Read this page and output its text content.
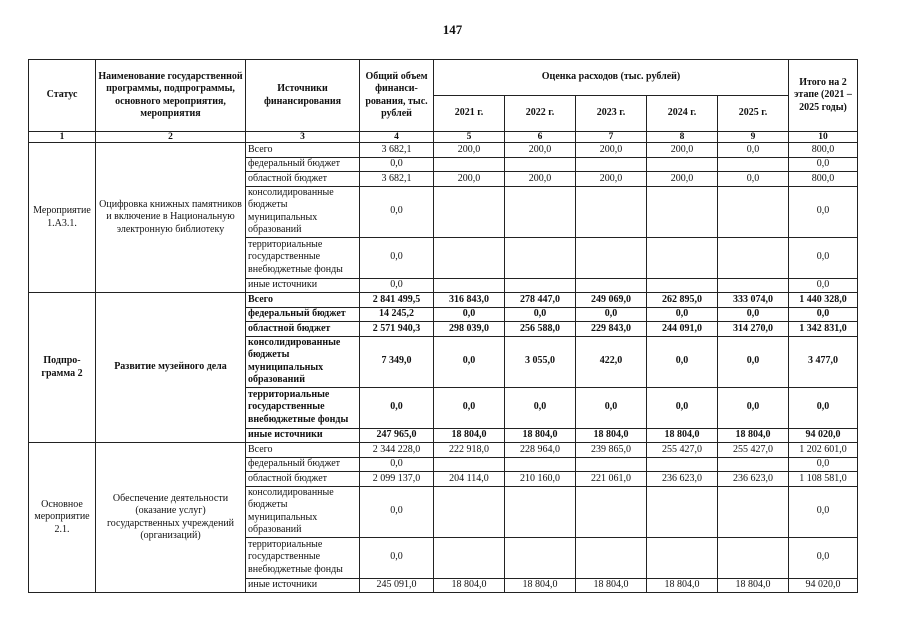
147
Статус	Наименование государственной программы, подпрограммы, основного мероприятия, мероприятия	Источники финансирования	Общий объем финанси-рования, тыс. рублей	Оценка расходов (тыс. рублей)					Итого на 2 этапе (2021 – 2025 годы)
				2021 г.	2022 г.	2023 г.	2024 г.	2025 г.	
1	2	3	4	5	6	7	8	9	10
Мероприятие 1.А3.1.	Оцифровка книжных памятников и включение в Национальную электронную библиотеку	Всего	3 682,1	200,0	200,0	200,0	200,0	0,0	800,0
		федеральный бюджет	0,0						0,0
		областной бюджет	3 682,1	200,0	200,0	200,0	200,0	0,0	800,0
		консолидированные бюджеты муниципальных образований	0,0						0,0
		территориальные государственные внебюджетные фонды	0,0						0,0
		иные источники	0,0						0,0
Подпро-грамма 2	Развитие музейного дела	Всего	2 841 499,5	316 843,0	278 447,0	249 069,0	262 895,0	333 074,0	1 440 328,0
		федеральный бюджет	14 245,2	0,0	0,0	0,0	0,0	0,0	0,0
		областной бюджет	2 571 940,3	298 039,0	256 588,0	229 843,0	244 091,0	314 270,0	1 342 831,0
		консолидированные бюджеты муниципальных образований	7 349,0	0,0	3 055,0	422,0	0,0	0,0	3 477,0
		территориальные государственные внебюджетные фонды	0,0	0,0	0,0	0,0	0,0	0,0	0,0
		иные источники	247 965,0	18 804,0	18 804,0	18 804,0	18 804,0	18 804,0	94 020,0
Основное мероприятие 2.1.	Обеспечение деятельности (оказание услуг) государственных учреждений (организаций)	Всего	2 344 228,0	222 918,0	228 964,0	239 865,0	255 427,0	255 427,0	1 202 601,0
		федеральный бюджет	0,0						0,0
		областной бюджет	2 099 137,0	204 114,0	210 160,0	221 061,0	236 623,0	236 623,0	1 108 581,0
		консолидированные бюджеты муниципальных образований	0,0						0,0
		территориальные государственные внебюджетные фонды	0,0						0,0
		иные источники	245 091,0	18 804,0	18 804,0	18 804,0	18 804,0	18 804,0	94 020,0
